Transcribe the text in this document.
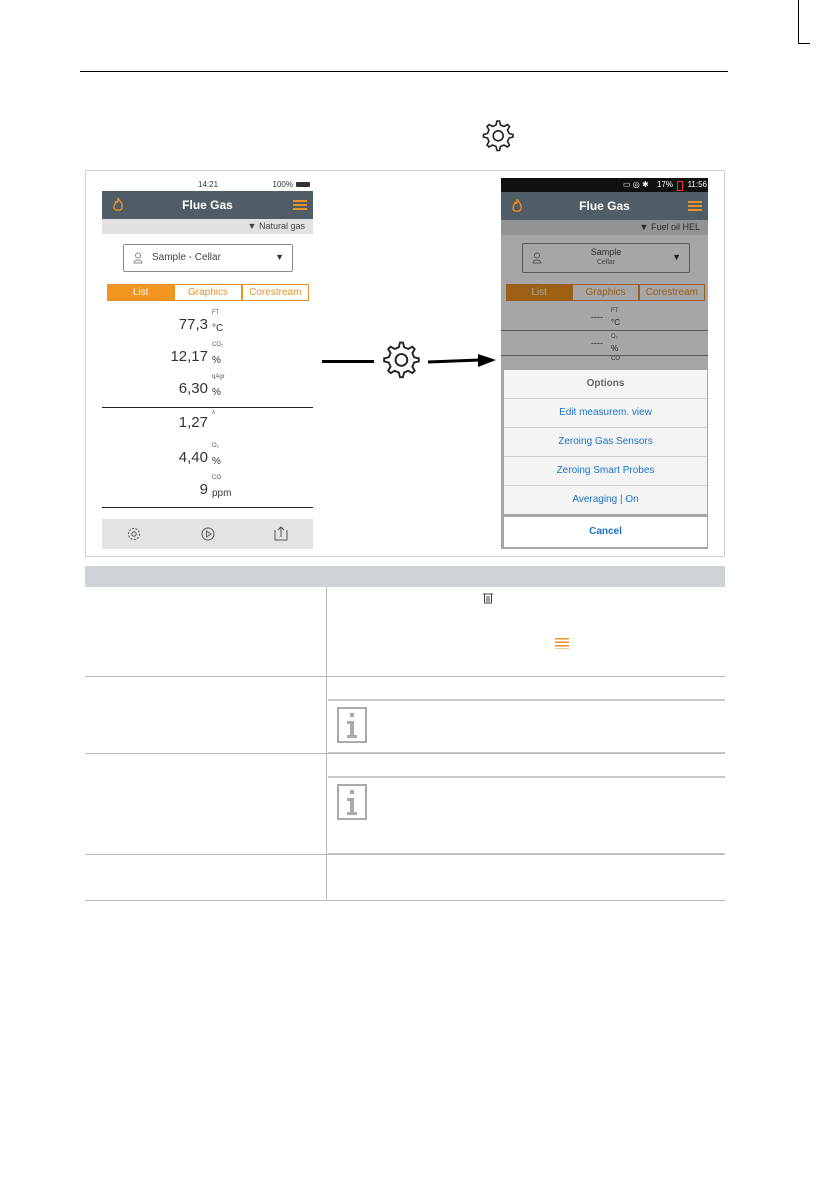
14:21	100%
Flue Gas
▼ Natural gas
Sample - Cellar	▼
List	Graphics	Corestream
FT
77,3 °C
CO₂
12,17 %
qAgr
6,30 %
λ
1,27
O₂
4,40 %
CO
9 ppm
▭ ◎ ✱ 17% 11:56
Flue Gas
▼ Fuel oil HEL
Sample
Cellar
▼
List	Graphics	Corestream
FT
----
°C
O₂
----
%
CO
Options
Edit measurem. view
Zeroing Gas Sensors
Zeroing Smart Probes
Averaging | On
Cancel
